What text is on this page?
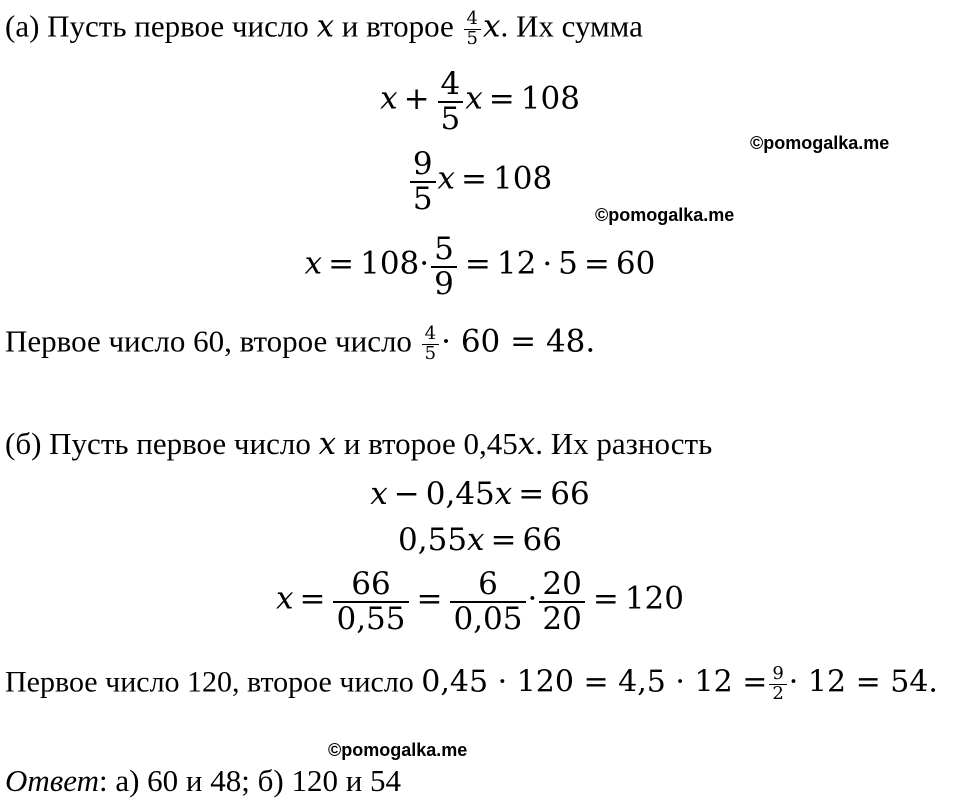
(а) Пусть первое число x и второе $\frac{4}{5} x$. Их сумма
$x + \frac{4}{5}$ x = 108
©pomogalka.me
$\frac{9}{5}$ x = 108
©pomogalka.me
$x = 108\cdot \frac{5}{9} = 12 \cdot 5 = 60$
Первое число 60, второе число $\frac{4}{5} \cdot 60 = 48$.
(б) Пусть первое число x и второе 0,45x. Их разность
x − 0,45x = 66
0,55x = 66
$x = \frac{66}{0,55} = \frac{6}{0,05} \cdot \frac{20}{20} = 120$
Первое число 120, второе число $0,45 \cdot 120 = 4,5 \cdot 12 = \frac{9}{2} \cdot 12 = 54$.
©pomogalka.me
Ответ: а) 60 и 48; б) 120 и 54
